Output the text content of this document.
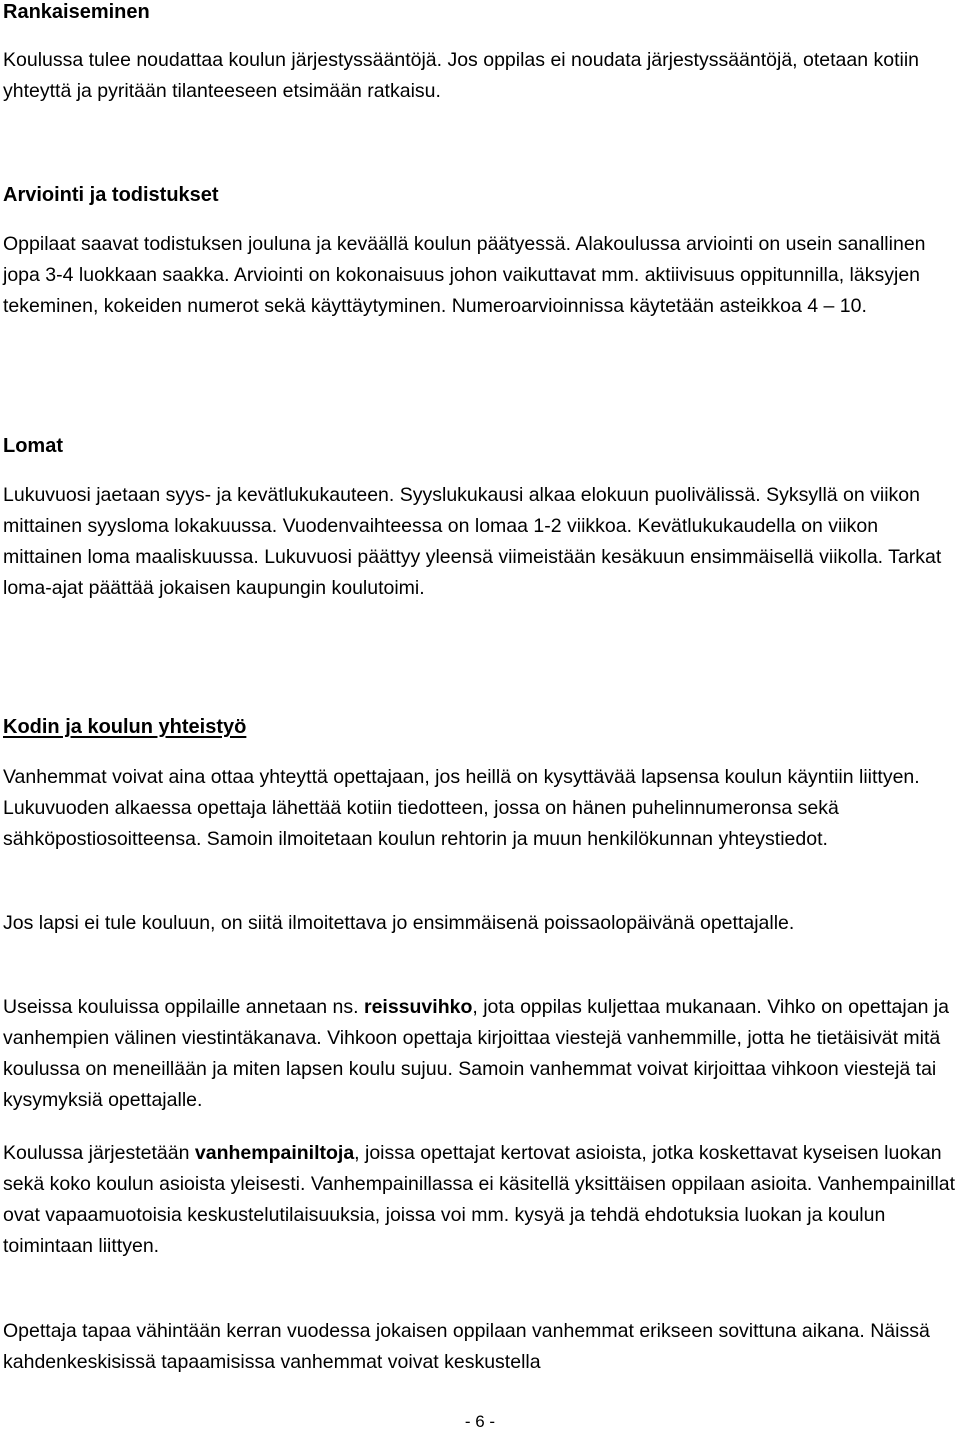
Rankaiseminen

Koulussa tulee noudattaa koulun järjestyssääntöjä. Jos oppilas ei noudata järjestyssääntöjä, otetaan kotiin yhteyttä ja pyritään tilanteeseen etsimään ratkaisu.

Arviointi ja todistukset

Oppilaat saavat todistuksen jouluna ja keväällä koulun päätyessä. Alakoulussa arviointi on usein sanallinen jopa 3-4 luokkaan saakka. Arviointi on kokonaisuus johon vaikuttavat mm. aktiivisuus oppitunnilla, läksyjen tekeminen, kokeiden numerot sekä käyttäytyminen. Numeroarvioinnissa käytetään asteikkoa 4 – 10.

Lomat

Lukuvuosi jaetaan syys- ja kevätlukukauteen. Syyslukukausi alkaa elokuun puolivälissä. Syksyllä on viikon mittainen syysloma lokakuussa. Vuodenvaihteessa on lomaa 1-2 viikkoa. Kevätlukukaudella on viikon mittainen loma maaliskuussa. Lukuvuosi päättyy yleensä viimeistään kesäkuun ensimmäisellä viikolla. Tarkat loma-ajat päättää jokaisen kaupungin koulutoimi.

Kodin ja koulun yhteistyö

Vanhemmat voivat aina ottaa yhteyttä opettajaan, jos heillä on kysyttävää lapsensa koulun käyntiin liittyen. Lukuvuoden alkaessa opettaja lähettää kotiin tiedotteen, jossa on hänen puhelinnumeronsa sekä sähköpostiosoitteensa. Samoin ilmoitetaan koulun rehtorin ja muun henkilökunnan yhteystiedot.

Jos lapsi ei tule kouluun, on siitä ilmoitettava jo ensimmäisenä poissaolopäivänä opettajalle.

Useissa kouluissa oppilaille annetaan ns. reissuvihko, jota oppilas kuljettaa mukanaan. Vihko on opettajan ja vanhempien välinen viestintäkanava. Vihkoon opettaja kirjoittaa viestejä vanhemmille, jotta he tietäisivät mitä koulussa on meneillään ja miten lapsen koulu sujuu. Samoin vanhemmat voivat kirjoittaa vihkoon viestejä tai kysymyksiä opettajalle.

Koulussa järjestetään vanhempainiltoja, joissa opettajat kertovat asioista, jotka koskettavat kyseisen luokan sekä koko koulun asioista yleisesti. Vanhempainillassa ei käsitellä yksittäisen oppilaan asioita. Vanhempainillat ovat vapaamuotoisia keskustelutilaisuuksia, joissa voi mm. kysyä ja tehdä ehdotuksia luokan ja koulun toimintaan liittyen.

Opettaja tapaa vähintään kerran vuodessa jokaisen oppilaan vanhemmat erikseen sovittuna aikana. Näissä kahdenkeskisissä tapaamisissa vanhemmat voivat keskustella

- 6 -
